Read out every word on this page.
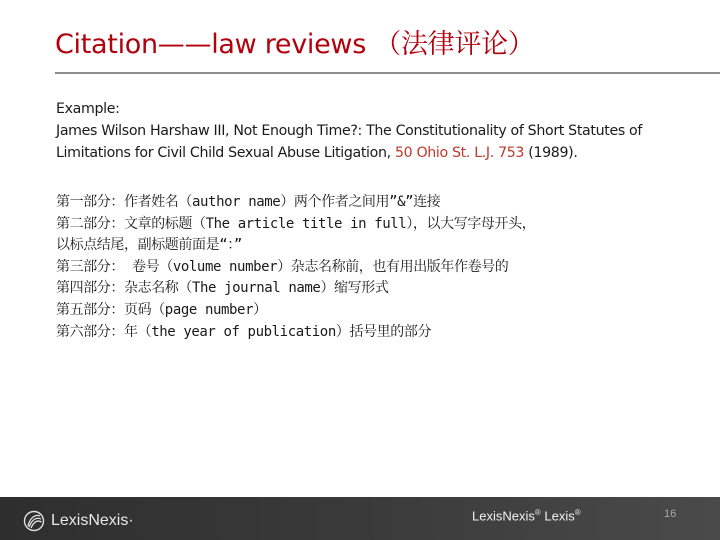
Citation——law reviews （法律评论）
Example:
James Wilson Harshaw III, Not Enough Time?: The Constitutionality of Short Statutes of Limitations for Civil Child Sexual Abuse Litigation, 50 Ohio St. L.J. 753 (1989).
第一部分：作者姓名（author name）两个作者之间用”&”连接
第二部分：文章的标题（The article title in full），以大写字母开头，
以标点结尾，副标题前面是“：”
第三部分： 卷号（volume number）杂志名称前，也有用出版年作卷号的
第四部分：杂志名称（The journal name）缩写形式
第五部分：页码（page number）
第六部分：年（the year of publication）括号里的部分
LexisNexis·	LexisNexis® Lexis®	16
